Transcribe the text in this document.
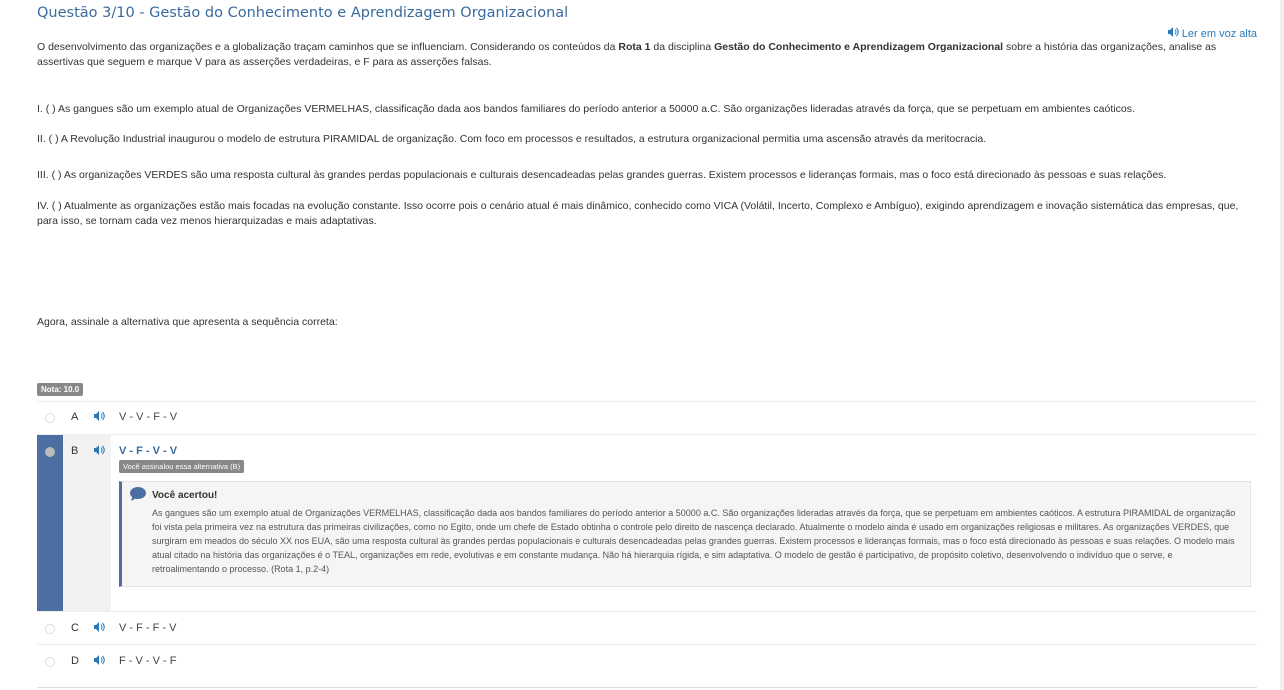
Questão 3/10 - Gestão do Conhecimento e Aprendizagem Organizacional
Ler em voz alta
O desenvolvimento das organizações e a globalização traçam caminhos que se influenciam. Considerando os conteúdos da Rota 1 da disciplina Gestão do Conhecimento e Aprendizagem Organizacional sobre a história das organizações, analise as assertivas que seguem e marque V para as asserções verdadeiras, e F para as asserções falsas.
I. ( ) As gangues são um exemplo atual de Organizações VERMELHAS, classificação dada aos bandos familiares do período anterior a 50000 a.C. São organizações lideradas através da força, que se perpetuam em ambientes caóticos.
II. ( ) A Revolução Industrial inaugurou o modelo de estrutura PIRAMIDAL de organização. Com foco em processos e resultados, a estrutura organizacional permitia uma ascensão através da meritocracia.
III. ( ) As organizações VERDES são uma resposta cultural às grandes perdas populacionais e culturais desencadeadas pelas grandes guerras. Existem processos e lideranças formais, mas o foco está direcionado às pessoas e suas relações.
IV. ( ) Atualmente as organizações estão mais focadas na evolução constante. Isso ocorre pois o cenário atual é mais dinâmico, conhecido como VICA (Volátil, Incerto, Complexo e Ambíguo), exigindo aprendizagem e inovação sistemática das empresas, que, para isso, se tornam cada vez menos hierarquizadas e mais adaptativas.
Agora, assinale a alternativa que apresenta a sequência correta:
Nota: 10.0
A	V - V - F - V
B	V - F - V - V
Você assinalou essa alternativa (B)
Você acertou!
As gangues são um exemplo atual de Organizações VERMELHAS, classificação dada aos bandos familiares do período anterior a 50000 a.C. São organizações lideradas através da força, que se perpetuam em ambientes caóticos. A estrutura PIRAMIDAL de organização foi vista pela primeira vez na estrutura das primeiras civilizações, como no Egito, onde um chefe de Estado obtinha o controle pelo direito de nascença declarado. Atualmente o modelo ainda é usado em organizações religiosas e militares. As organizações VERDES, que surgiram em meados do século XX nos EUA, são uma resposta cultural às grandes perdas populacionais e culturais desencadeadas pelas grandes guerras. Existem processos e lideranças formais, mas o foco está direcionado às pessoas e suas relações. O modelo mais atual citado na história das organizações é o TEAL, organizações em rede, evolutivas e em constante mudança. Não há hierarquia rígida, e sim adaptativa. O modelo de gestão é participativo, de propósito coletivo, desenvolvendo o indivíduo que o serve, e retroalimentando o processo. (Rota 1, p.2-4)
C	V - F - F - V
D	F - V - V - F
